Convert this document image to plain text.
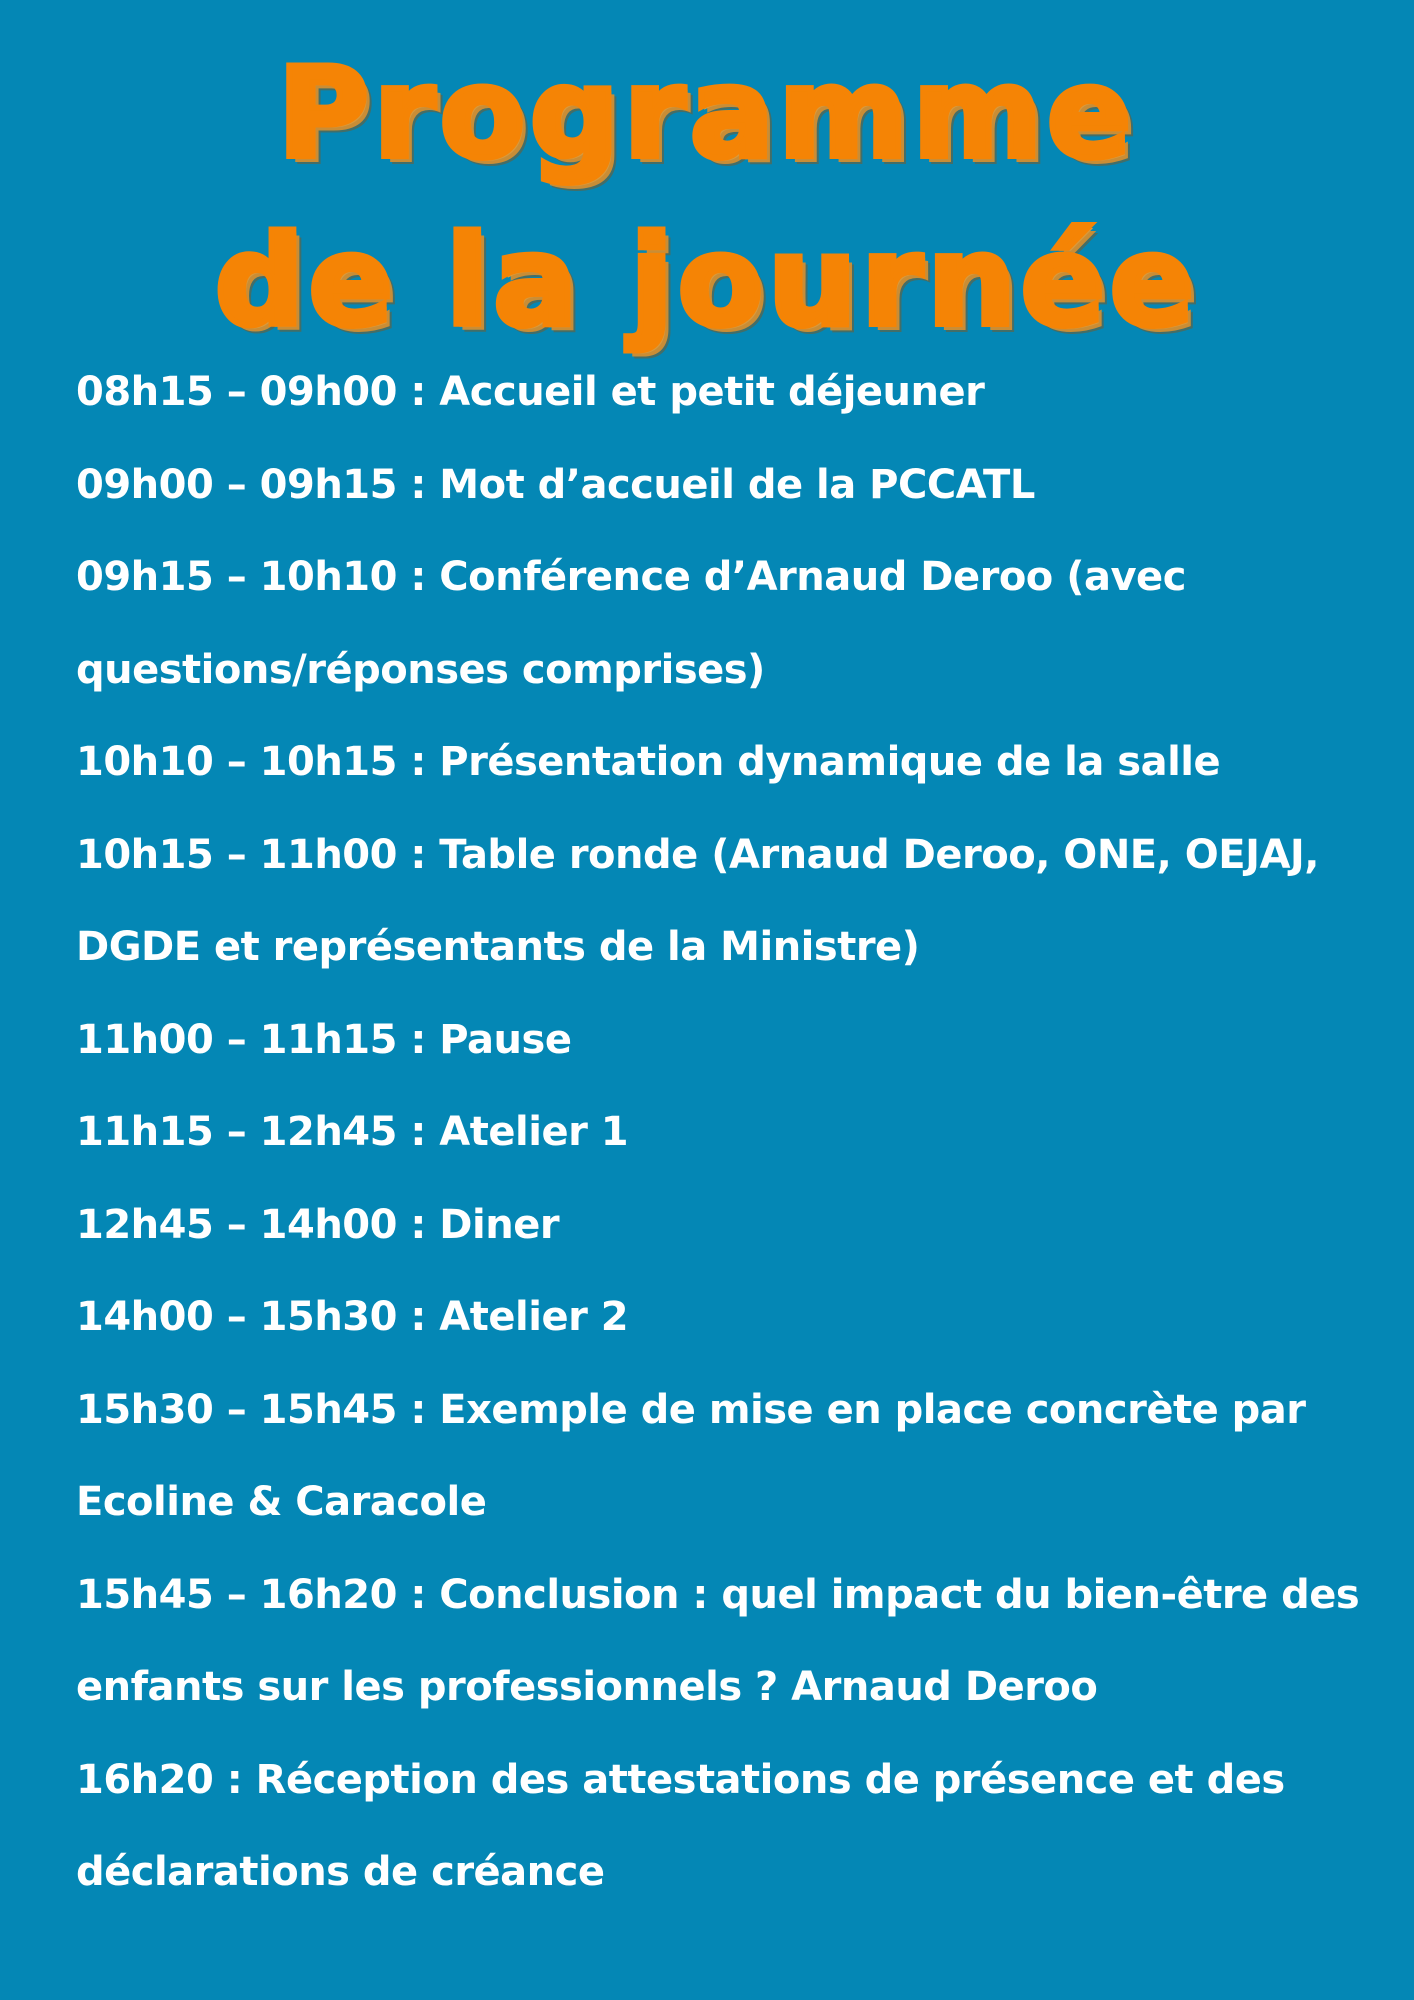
Programme
de la journée
08h15 – 09h00 : Accueil et petit déjeuner
09h00 – 09h15 : Mot d’accueil de la PCCATL
09h15 – 10h10 : Conférence d’Arnaud Deroo (avec questions/réponses comprises)
10h10 – 10h15 : Présentation dynamique de la salle
10h15 – 11h00 : Table ronde (Arnaud Deroo, ONE, OEJAJ, DGDE et représentants de la Ministre)
11h00 – 11h15 : Pause
11h15 – 12h45 : Atelier 1
12h45 – 14h00 : Diner
14h00 – 15h30 : Atelier 2
15h30 – 15h45 : Exemple de mise en place concrète par Ecoline & Caracole
15h45 – 16h20 : Conclusion : quel impact du bien-être des enfants sur les professionnels ? Arnaud Deroo
16h20 : Réception des attestations de présence et des déclarations de créance
